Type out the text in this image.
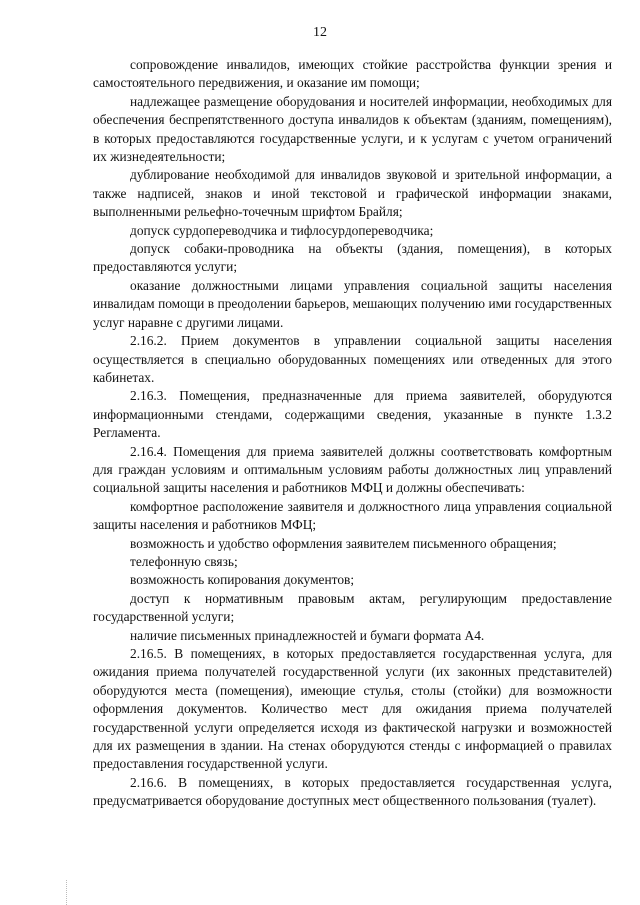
12

сопровождение инвалидов, имеющих стойкие расстройства функции зрения и самостоятельного передвижения, и оказание им помощи;

надлежащее размещение оборудования и носителей информации, необходимых для обеспечения беспрепятственного доступа инвалидов к объектам (зданиям, помещениям), в которых предоставляются государственные услуги, и к услугам с учетом ограничений их жизнедеятельности;

дублирование необходимой для инвалидов звуковой и зрительной информации, а также надписей, знаков и иной текстовой и графической информации знаками, выполненными рельефно-точечным шрифтом Брайля;

допуск сурдопереводчика и тифлосурдопереводчика;

допуск собаки-проводника на объекты (здания, помещения), в которых предоставляются услуги;

оказание должностными лицами управления социальной защиты населения инвалидам помощи в преодолении барьеров, мешающих получению ими государственных услуг наравне с другими лицами.

2.16.2. Прием документов в управлении социальной защиты населения осуществляется в специально оборудованных помещениях или отведенных для этого кабинетах.

2.16.3. Помещения, предназначенные для приема заявителей, оборудуются информационными стендами, содержащими сведения, указанные в пункте 1.3.2 Регламента.

2.16.4. Помещения для приема заявителей должны соответствовать комфортным для граждан условиям и оптимальным условиям работы должностных лиц управлений социальной защиты населения и работников МФЦ и должны обеспечивать:

комфортное расположение заявителя и должностного лица управления социальной защиты населения и работников МФЦ;

возможность и удобство оформления заявителем письменного обращения;

телефонную связь;

возможность копирования документов;

доступ к нормативным правовым актам, регулирующим предоставление государственной услуги;

наличие письменных принадлежностей и бумаги формата А4.

2.16.5. В помещениях, в которых предоставляется государственная услуга, для ожидания приема получателей государственной услуги (их законных представителей) оборудуются места (помещения), имеющие стулья, столы (стойки) для возможности оформления документов. Количество мест для ожидания приема получателей государственной услуги определяется исходя из фактической нагрузки и возможностей для их размещения в здании. На стенах оборудуются стенды с информацией о правилах предоставления государственной услуги.

2.16.6. В помещениях, в которых предоставляется государственная услуга, предусматривается оборудование доступных мест общественного пользования (туалет).
